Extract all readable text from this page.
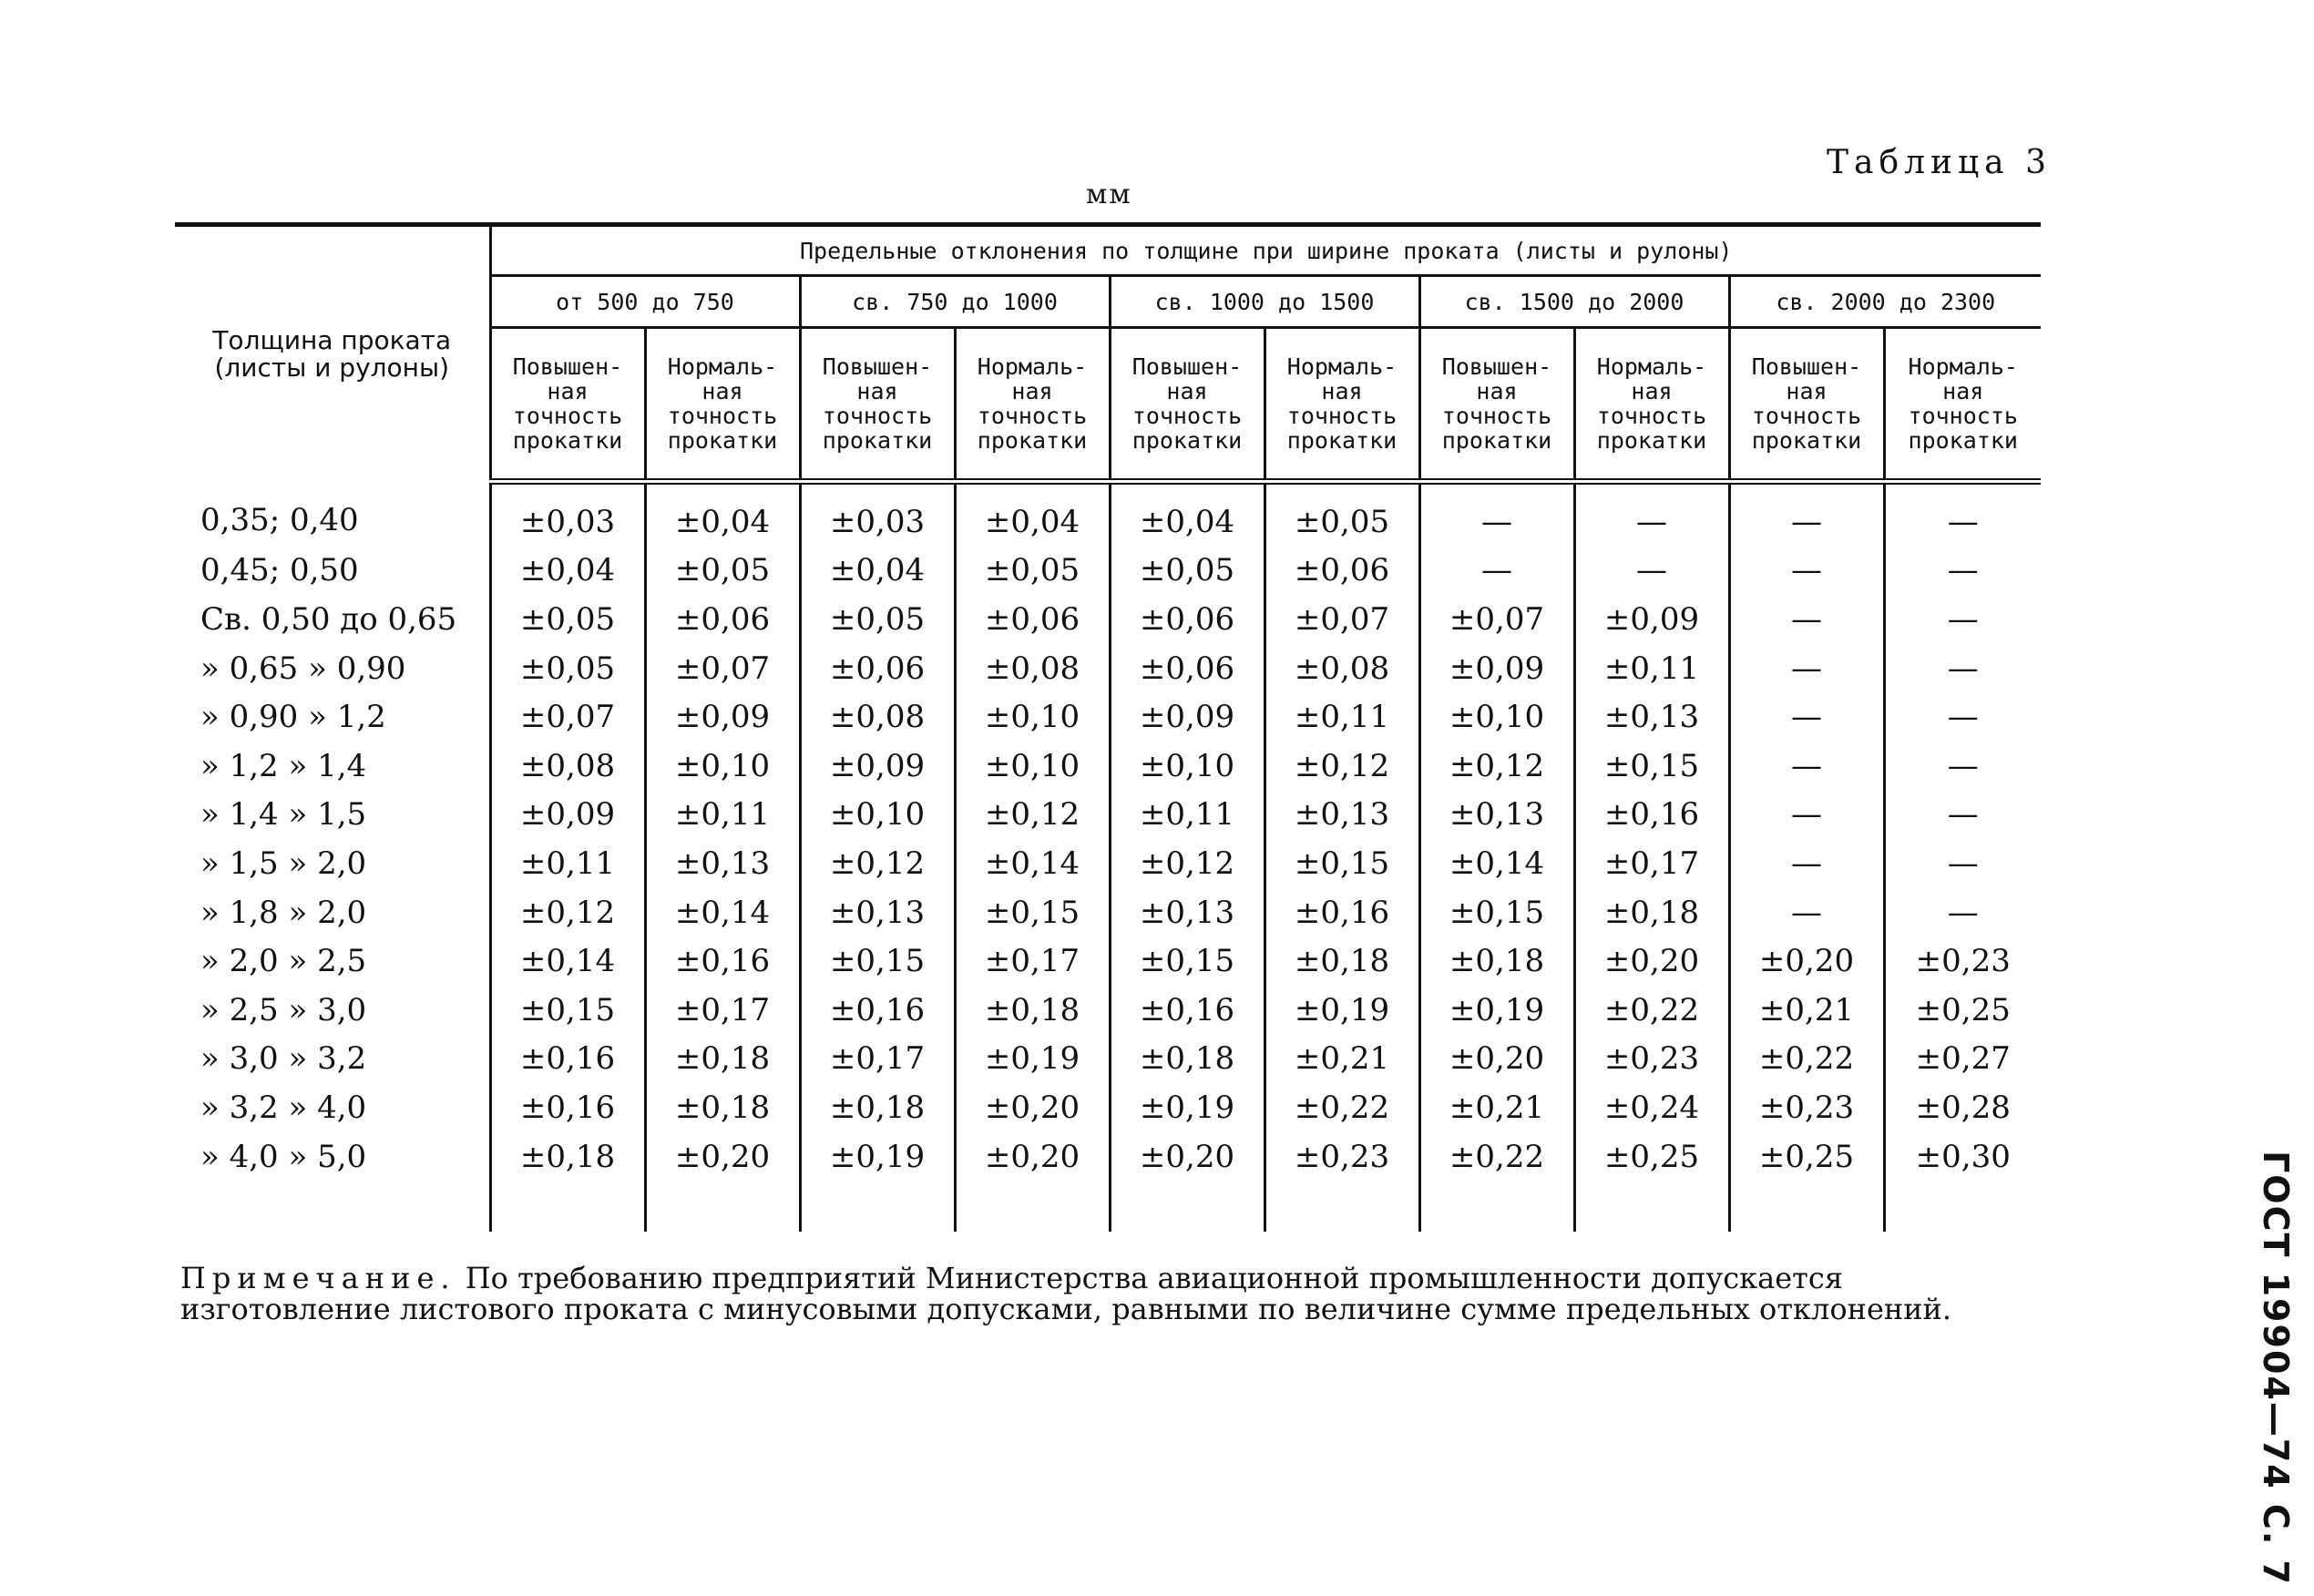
Таблица 3
мм
Толщина проката
(листы и рулоны)	Предельные отклонения по толщине при ширине проката (листы и рулоны)									
	от 500 до 750		св. 750 до 1000		св. 1000 до 1500		св. 1500 до 2000		св. 2000 до 2300	
	Повышен-
ная
точность
прокатки	Нормаль-
ная
точность
прокатки	Повышен-
ная
точность
прокатки	Нормаль-
ная
точность
прокатки	Повышен-
ная
точность
прокатки	Нормаль-
ная
точность
прокатки	Повышен-
ная
точность
прокатки	Нормаль-
ная
точность
прокатки	Повышен-
ная
точность
прокатки	Нормаль-
ная
точность
прокатки
0,35; 0,40	±0,03	±0,04	±0,03	±0,04	±0,04	±0,05	—	—	—	—
0,45; 0,50	±0,04	±0,05	±0,04	±0,05	±0,05	±0,06	—	—	—	—
Св. 0,50 до 0,65	±0,05	±0,06	±0,05	±0,06	±0,06	±0,07	±0,07	±0,09	—	—
» 0,65 » 0,90	±0,05	±0,07	±0,06	±0,08	±0,06	±0,08	±0,09	±0,11	—	—
» 0,90 » 1,2	±0,07	±0,09	±0,08	±0,10	±0,09	±0,11	±0,10	±0,13	—	—
» 1,2 » 1,4	±0,08	±0,10	±0,09	±0,10	±0,10	±0,12	±0,12	±0,15	—	—
» 1,4 » 1,5	±0,09	±0,11	±0,10	±0,12	±0,11	±0,13	±0,13	±0,16	—	—
» 1,5 » 2,0	±0,11	±0,13	±0,12	±0,14	±0,12	±0,15	±0,14	±0,17	—	—
» 1,8 » 2,0	±0,12	±0,14	±0,13	±0,15	±0,13	±0,16	±0,15	±0,18	—	—
» 2,0 » 2,5	±0,14	±0,16	±0,15	±0,17	±0,15	±0,18	±0,18	±0,20	±0,20	±0,23
» 2,5 » 3,0	±0,15	±0,17	±0,16	±0,18	±0,16	±0,19	±0,19	±0,22	±0,21	±0,25
» 3,0 » 3,2	±0,16	±0,18	±0,17	±0,19	±0,18	±0,21	±0,20	±0,23	±0,22	±0,27
» 3,2 » 4,0	±0,16	±0,18	±0,18	±0,20	±0,19	±0,22	±0,21	±0,24	±0,23	±0,28
» 4,0 » 5,0	±0,18	±0,20	±0,19	±0,20	±0,20	±0,23	±0,22	±0,25	±0,25	±0,30

Примечание. По требованию предприятий Министерства авиационной промышленности допускается изготовление листового проката с минусовыми допусками, равными по величине сумме предельных отклонений.	ГОСТ 19904—74 С. 7
